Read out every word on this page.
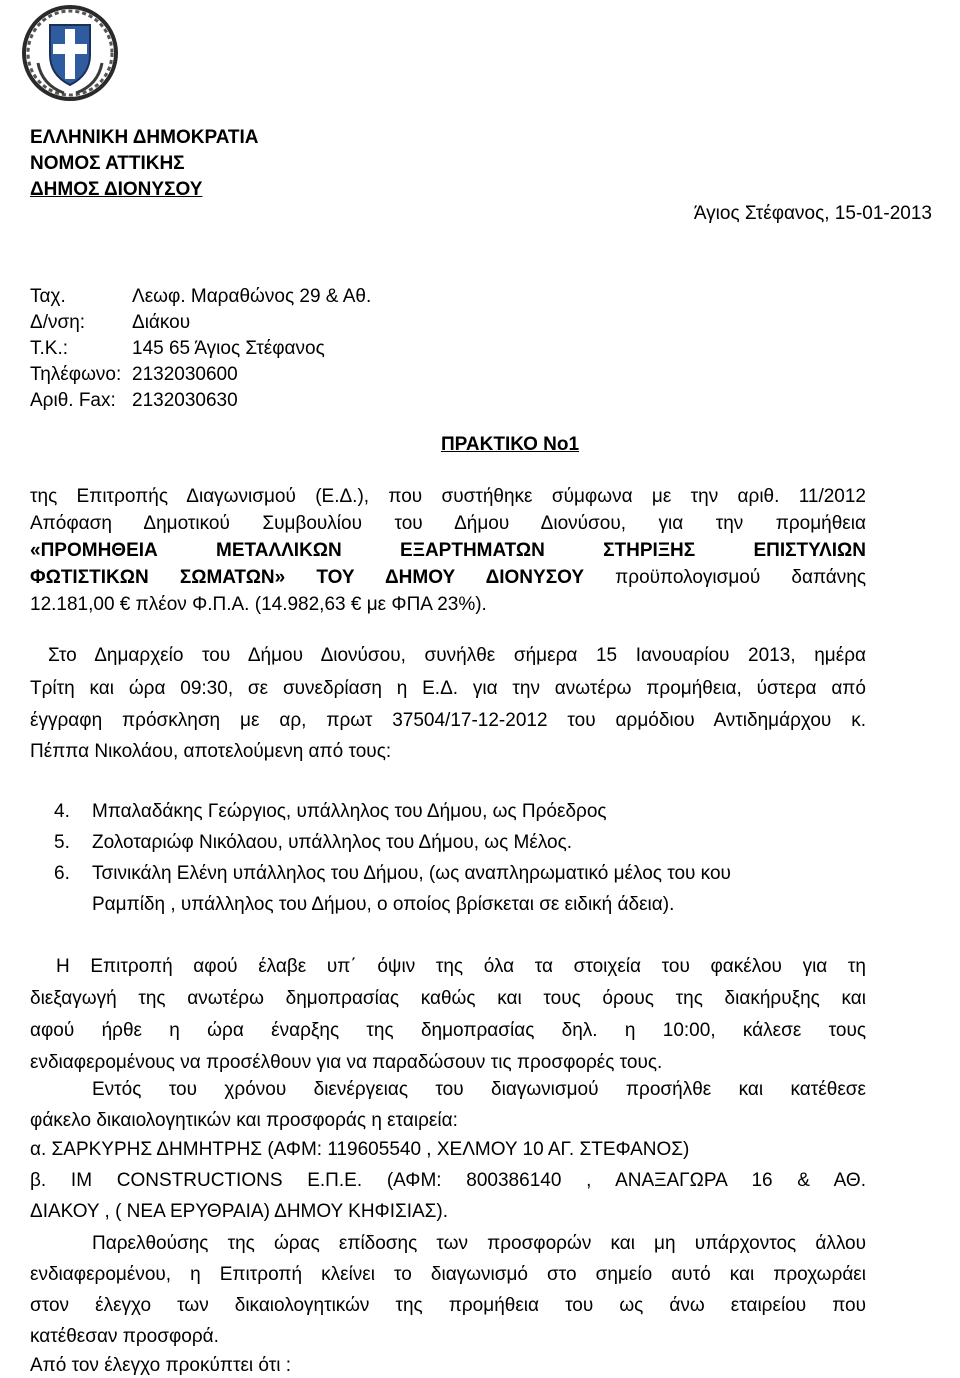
ΕΛΛΗΝΙΚΗ ΔΗΜΟΚΡΑΤΙΑ
ΝΟΜΟΣ ΑΤΤΙΚΗΣ
ΔΗΜΟΣ ΔΙΟΝΥΣΟΥ
Άγιος Στέφανος, 15-01-2013
Ταχ.	Λεωφ. Μαραθώνος 29 & Αθ.
Δ/νση:	Διάκου
Τ.Κ.:	145 65 Άγιος Στέφανος
Τηλέφωνο: 2132030600
Αριθ. Fax: 2132030630
ΠΡΑΚΤΙΚΟ Νο1
της Επιτροπής Διαγωνισμού (Ε.Δ.), που συστήθηκε σύμφωνα με την αριθ. 11/2012
Απόφαση Δημοτικού Συμβουλίου του Δήμου Διονύσου, για την προμήθεια
«ΠΡΟΜΗΘΕΙΑ ΜΕΤΑΛΛΙΚΩΝ ΕΞΑΡΤΗΜΑΤΩΝ ΣΤΗΡΙΞΗΣ ΕΠΙΣΤΥΛΙΩΝ
ΦΩΤΙΣΤΙΚΩΝ ΣΩΜΑΤΩΝ» ΤΟΥ ΔΗΜΟΥ ΔΙΟΝΥΣΟΥ προϋπολογισμού δαπάνης
12.181,00 € πλέον Φ.Π.Α. (14.982,63 € με ΦΠΑ 23%).
Στο Δημαρχείο του Δήμου Διονύσου, συνήλθε σήμερα 15 Ιανουαρίου 2013, ημέρα
Τρίτη και ώρα 09:30, σε συνεδρίαση η Ε.Δ. για την ανωτέρω προμήθεια, ύστερα από
έγγραφη πρόσκληση με αρ, πρωτ 37504/17-12-2012 του αρμόδιου Αντιδημάρχου κ.
Πέππα Νικολάου, αποτελούμενη από τους:
4.	Μπαλαδάκης Γεώργιος, υπάλληλος του Δήμου, ως Πρόεδρος
5.	Ζολοταριώφ Νικόλαου, υπάλληλος του Δήμου, ως Μέλος.
6.	Τσινικάλη Ελένη υπάλληλος του Δήμου, (ως αναπληρωματικό μέλος του κου
Ραμπίδη , υπάλληλος του Δήμου, ο οποίος βρίσκεται σε ειδική άδεια).
Η Επιτροπή αφού έλαβε υπ΄ όψιν της όλα τα στοιχεία του φακέλου για τη
διεξαγωγή της ανωτέρω δημοπρασίας καθώς και τους όρους της διακήρυξης και
αφού ήρθε η ώρα έναρξης της δημοπρασίας δηλ. η 10:00, κάλεσε τους
ενδιαφερομένους να προσέλθουν για να παραδώσουν τις προσφορές τους.
Εντός του χρόνου διενέργειας του διαγωνισμού προσήλθε και κατέθεσε
φάκελο δικαιολογητικών και προσφοράς η εταιρεία:
α. ΣΑΡΚΥΡΗΣ ΔΗΜΗΤΡΗΣ (ΑΦΜ: 119605540 , ΧΕΛΜΟΥ 10 ΑΓ. ΣΤΕΦΑΝΟΣ)
β. ΙΜ CONSTRUCTIONS Ε.Π.Ε. (ΑΦΜ: 800386140 , ΑΝΑΞΑΓΩΡΑ 16 & ΑΘ.
ΔΙΑΚΟΥ , ( ΝΕΑ ΕΡΥΘΡΑΙΑ) ΔΗΜΟΥ ΚΗΦΙΣΙΑΣ).
Παρελθούσης της ώρας επίδοσης των προσφορών και μη υπάρχοντος άλλου
ενδιαφερομένου, η Επιτροπή κλείνει το διαγωνισμό στο σημείο αυτό και προχωράει
στον έλεγχο των δικαιολογητικών της προμήθεια του ως άνω εταιρείου που
κατέθεσαν προσφορά.
Από τον έλεγχο προκύπτει ότι :
